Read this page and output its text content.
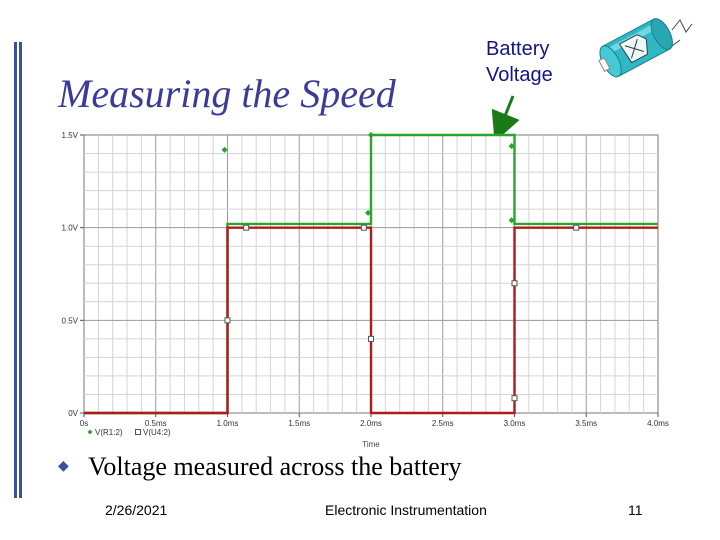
Measuring the Speed
Battery
Voltage
0V
0.5V
1.0V
1.5V
0s	0.5ms	1.0ms	1.5ms	2.0ms	2.5ms	3.0ms	3.5ms	4.0ms
V(R1:2)	V(U4:2)
Time
◆ Voltage measured across the battery
2/26/2021	Electronic Instrumentation	11
